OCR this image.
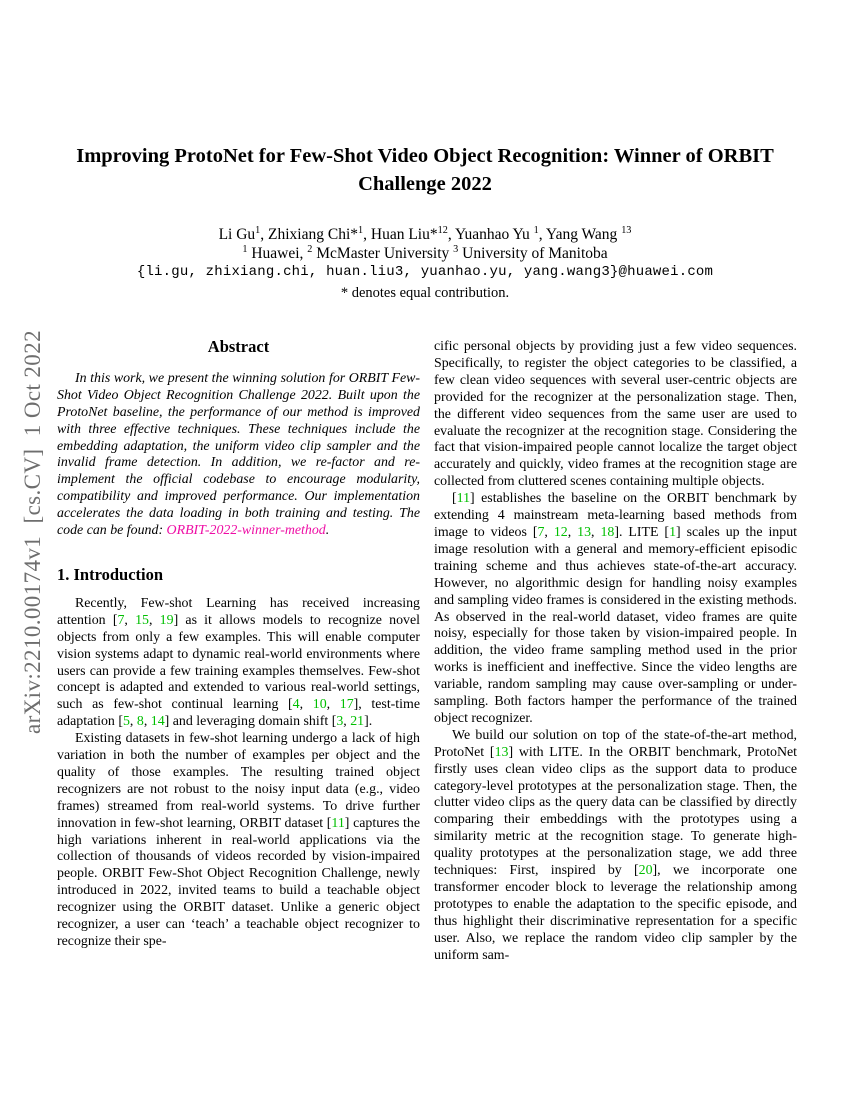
arXiv:2210.00174v1  [cs.CV]  1 Oct 2022
Improving ProtoNet for Few-Shot Video Object Recognition: Winner of ORBIT Challenge 2022
Li Gu$^1$, Zhixiang Chi*$^1$, Huan Liu*$^{12}$, Yuanhao Yu $^1$, Yang Wang $^{13}$
$^1$ Huawei, $^2$ McMaster University $^3$ University of Manitoba
{li.gu, zhixiang.chi, huan.liu3, yuanhao.yu, yang.wang3}@huawei.com
* denotes equal contribution.
Abstract

In this work, we present the winning solution for ORBIT Few-Shot Video Object Recognition Challenge 2022. Built upon the ProtoNet baseline, the performance of our method is improved with three effective techniques. These techniques include the embedding adaptation, the uniform video clip sampler and the invalid frame detection. In addition, we re-factor and re-implement the official codebase to encourage modularity, compatibility and improved performance. Our implementation accelerates the data loading in both training and testing. The code can be found: ORBIT-2022-winner-method.

1. Introduction

Recently, Few-shot Learning has received increasing attention [7, 15, 19] as it allows models to recognize novel objects from only a few examples. This will enable computer vision systems adapt to dynamic real-world environments where users can provide a few training examples themselves. Few-shot concept is adapted and extended to various real-world settings, such as few-shot continual learning [4, 10, 17], test-time adaptation [5, 8, 14] and leveraging domain shift [3, 21].

Existing datasets in few-shot learning undergo a lack of high variation in both the number of examples per object and the quality of those examples. The resulting trained object recognizers are not robust to the noisy input data (e.g., video frames) streamed from real-world systems. To drive further innovation in few-shot learning, ORBIT dataset [11] captures the high variations inherent in real-world applications via the collection of thousands of videos recorded by vision-impaired people. ORBIT Few-Shot Object Recognition Challenge, newly introduced in 2022, invited teams to build a teachable object recognizer using the ORBIT dataset. Unlike a generic object recognizer, a user can ‘teach’ a teachable object recognizer to recognize their spe-

cific personal objects by providing just a few video sequences. Specifically, to register the object categories to be classified, a few clean video sequences with several user-centric objects are provided for the recognizer at the personalization stage. Then, the different video sequences from the same user are used to evaluate the recognizer at the recognition stage. Considering the fact that vision-impaired people cannot localize the target object accurately and quickly, video frames at the recognition stage are collected from cluttered scenes containing multiple objects.

[11] establishes the baseline on the ORBIT benchmark by extending 4 mainstream meta-learning based methods from image to videos [7, 12, 13, 18]. LITE [1] scales up the input image resolution with a general and memory-efficient episodic training scheme and thus achieves state-of-the-art accuracy. However, no algorithmic design for handling noisy examples and sampling video frames is considered in the existing methods. As observed in the real-world dataset, video frames are quite noisy, especially for those taken by vision-impaired people. In addition, the video frame sampling method used in the prior works is inefficient and ineffective. Since the video lengths are variable, random sampling may cause over-sampling or under-sampling. Both factors hamper the performance of the trained object recognizer.

We build our solution on top of the state-of-the-art method, ProtoNet [13] with LITE. In the ORBIT benchmark, ProtoNet firstly uses clean video clips as the support data to produce category-level prototypes at the personalization stage. Then, the clutter video clips as the query data can be classified by directly comparing their embeddings with the prototypes using a similarity metric at the recognition stage. To generate high-quality prototypes at the personalization stage, we add three techniques: First, inspired by [20], we incorporate one transformer encoder block to leverage the relationship among prototypes to enable the adaptation to the specific episode, and thus highlight their discriminative representation for a specific user. Also, we replace the random video clip sampler by the uniform sam-
